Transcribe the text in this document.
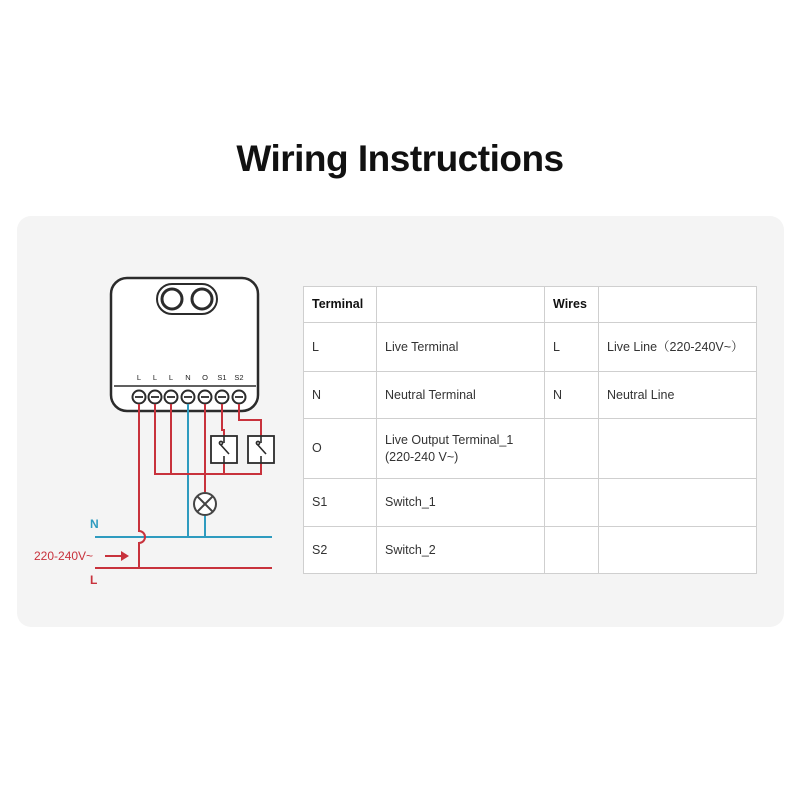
Wiring Instructions
L L L N O S1 S2
N
L
220-240V~
Terminal		Wires	
L	Live Terminal	L	Live Line（220-240V~）
N	Neutral Terminal	N	Neutral Line
O	Live Output Terminal_1 (220-240 V~)		
S1	Switch_1		
S2	Switch_2		
